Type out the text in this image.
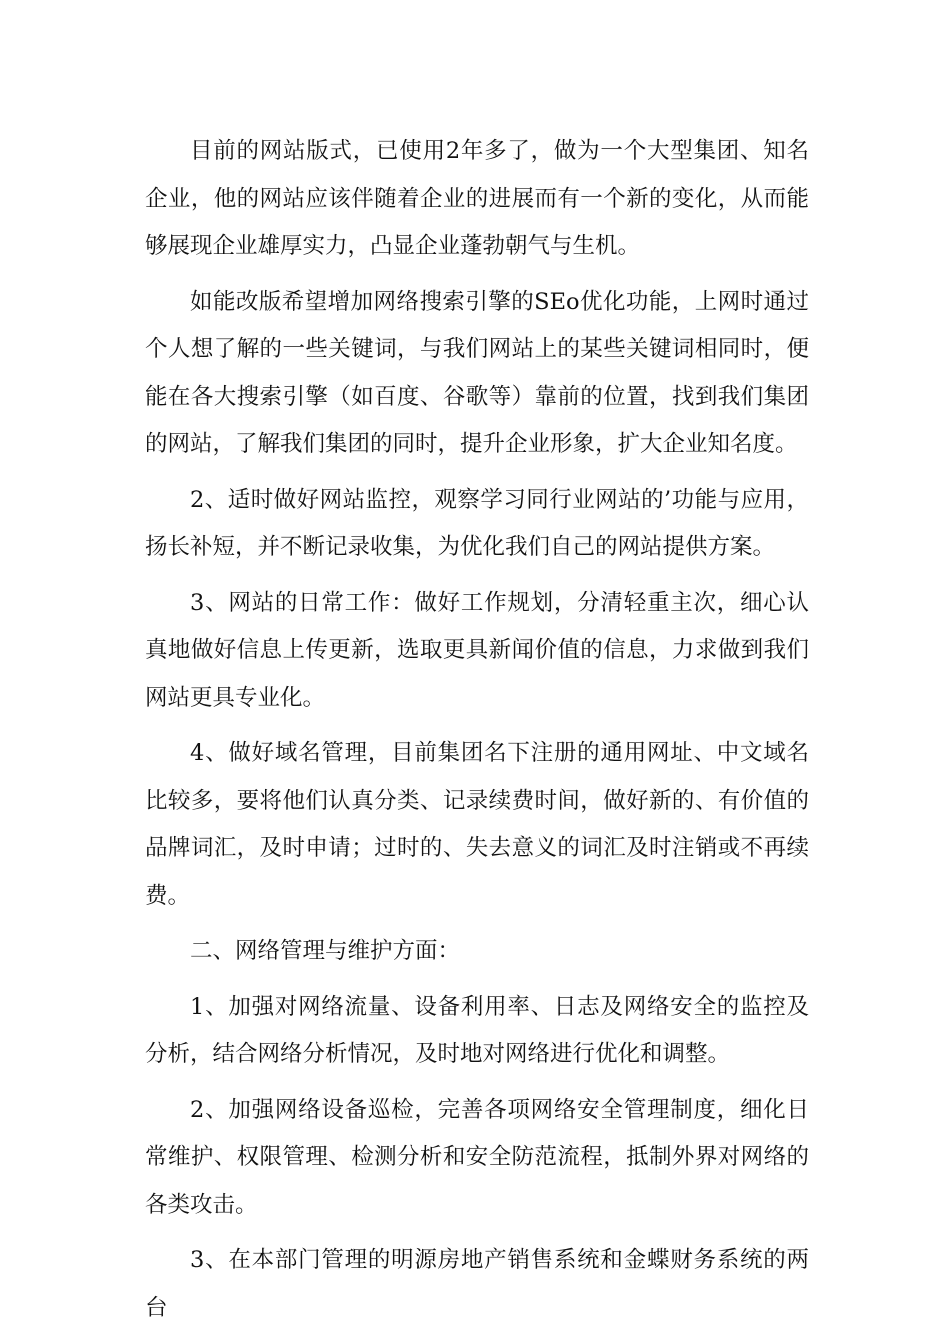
目前的网站版式，已使用2年多了，做为一个大型集团、知名企业，他的网站应该伴随着企业的进展而有一个新的变化，从而能够展现企业雄厚实力，凸显企业蓬勃朝气与生机。

如能改版希望增加网络搜索引擎的SEo优化功能，上网时通过个人想了解的一些关键词，与我们网站上的某些关键词相同时，便能在各大搜索引擎（如百度、谷歌等）靠前的位置，找到我们集团的网站，了解我们集团的同时，提升企业形象，扩大企业知名度。

2、适时做好网站监控，观察学习同行业网站的’功能与应用，扬长补短，并不断记录收集，为优化我们自己的网站提供方案。

3、网站的日常工作：做好工作规划，分清轻重主次，细心认真地做好信息上传更新，选取更具新闻价值的信息，力求做到我们网站更具专业化。

4、做好域名管理，目前集团名下注册的通用网址、中文域名比较多，要将他们认真分类、记录续费时间，做好新的、有价值的品牌词汇，及时申请；过时的、失去意义的词汇及时注销或不再续费。

二、网络管理与维护方面：

1、加强对网络流量、设备利用率、日志及网络安全的监控及分析，结合网络分析情况，及时地对网络进行优化和调整。

2、加强网络设备巡检，完善各项网络安全管理制度，细化日常维护、权限管理、检测分析和安全防范流程，抵制外界对网络的各类攻击。

3、在本部门管理的明源房地产销售系统和金蝶财务系统的两台
